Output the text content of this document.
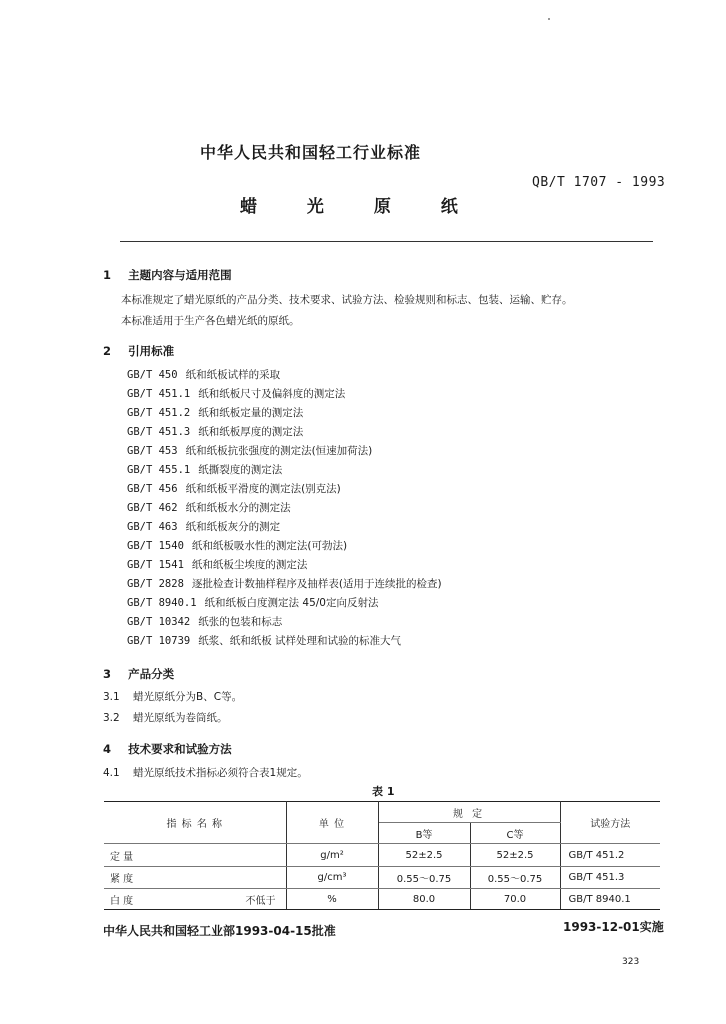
中华人民共和国轻工行业标准
QB/T 1707 - 1993
蜡 光 原 纸
1 主题内容与适用范围
本标准规定了蜡光原纸的产品分类、技术要求、试验方法、检验规则和标志、包装、运输、贮存。
本标准适用于生产各色蜡光纸的原纸。
2 引用标准
GB/T 450 纸和纸板试样的采取
GB/T 451.1 纸和纸板尺寸及偏斜度的测定法
GB/T 451.2 纸和纸板定量的测定法
GB/T 451.3 纸和纸板厚度的测定法
GB/T 453 纸和纸板抗张强度的测定法(恒速加荷法)
GB/T 455.1 纸撕裂度的测定法
GB/T 456 纸和纸板平滑度的测定法(别克法)
GB/T 462 纸和纸板水分的测定法
GB/T 463 纸和纸板灰分的测定
GB/T 1540 纸和纸板吸水性的测定法(可勃法)
GB/T 1541 纸和纸板尘埃度的测定法
GB/T 2828 逐批检查计数抽样程序及抽样表(适用于连续批的检查)
GB/T 8940.1 纸和纸板白度测定法 45/0定向反射法
GB/T 10342 纸张的包装和标志
GB/T 10739 纸浆、纸和纸板 试样处理和试验的标准大气
3 产品分类
3.1 蜡光原纸分为B、C等。
3.2 蜡光原纸为卷筒纸。
4 技术要求和试验方法
4.1 蜡光原纸技术指标必须符合表1规定。
表 1
指 标 名 称	单 位	规 定		试验方法
		B等	C等	
定 量	g/m²	52±2.5	52±2.5	GB/T 451.2
紧 度	g/cm³	0.55～0.75	0.55～0.75	GB/T 451.3
白 度 不低于	%	80.0	70.0	GB/T 8940.1
中华人民共和国轻工业部1993-04-15批准	1993-12-01实施
323
